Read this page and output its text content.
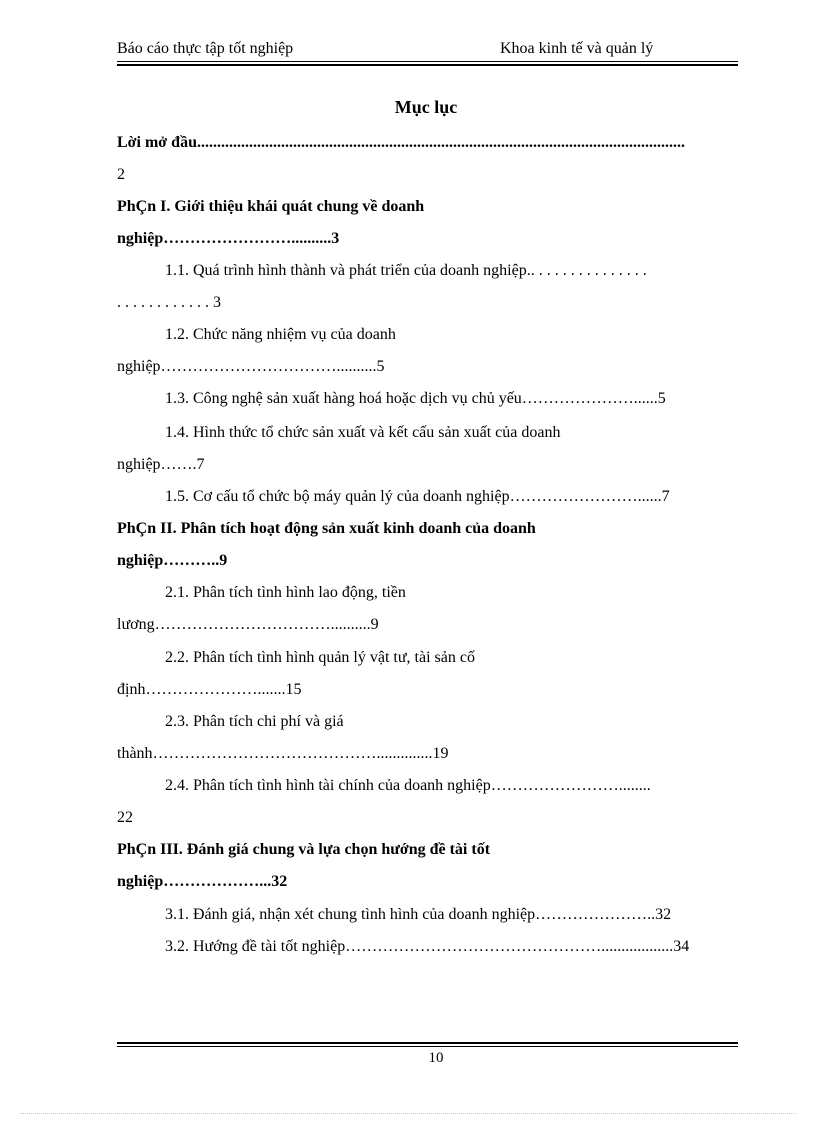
Báo cáo thực tập tốt nghiệp	Khoa kinh tế và quản lý
Mục lục
Lời mở đầu..........................................................................................................................
2
PhÇn I. Giới thiệu khái quát chung về doanh
nghiệp……………………..........3
1.1. Quá trình hình thành và phát triển của doanh nghiệp.. . . . . . . . . . . . . . .
. . . . . . . . . . . . 3
1.2. Chức năng nhiệm vụ của doanh
nghiệp……………………………..........5
1.3. Công nghệ sản xuất hàng hoá hoặc dịch vụ chủ yếu…………………......5
1.4. Hình thức tổ chức sản xuất và kết cấu sản xuất của doanh
nghiệp…….7
1.5. Cơ cấu tổ chức bộ máy quản lý của doanh nghiệp……………………......7
PhÇn II. Phân tích hoạt động sản xuất kinh doanh của doanh
nghiệp………..9
2.1. Phân tích tình hình lao động, tiền
lương……………………………..........9
2.2. Phân tích tình hình quản lý vật tư, tài sản cố
định………………….......15
2.3. Phân tích chi phí và giá
thành……………………………………..............19
2.4. Phân tích tình hình tài chính của doanh nghiệp……………………........
22
PhÇn III. Đánh giá chung và lựa chọn hướng đề tài tốt
nghiệp………………...32
3.1. Đánh giá, nhận xét chung tình hình của doanh nghiệp…………………..32
3.2. Hướng đề tài tốt nghiệp…………………………………………..................34
10
